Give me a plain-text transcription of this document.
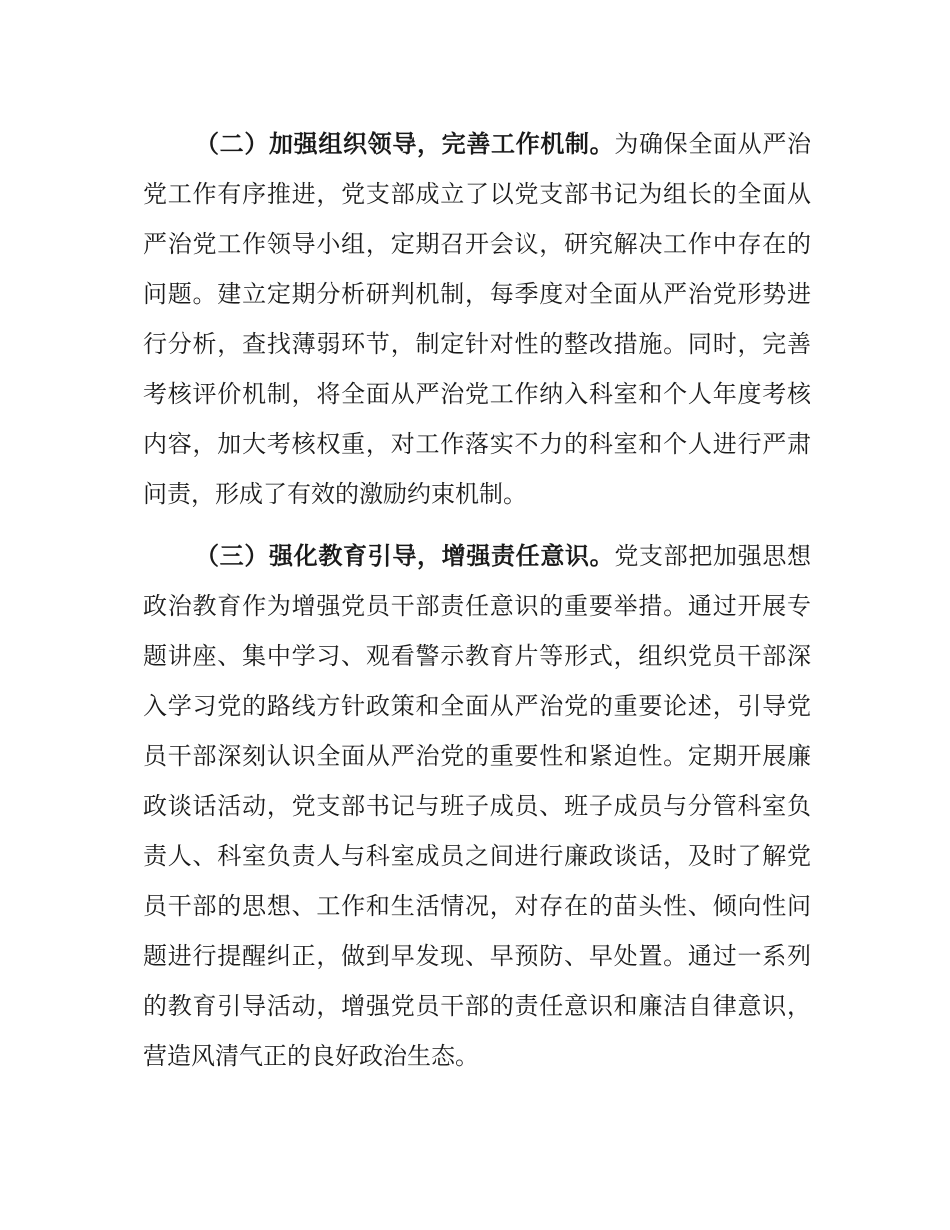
（二）加强组织领导，完善工作机制。为确保全面从严治
党工作有序推进，党支部成立了以党支部书记为组长的全面从
严治党工作领导小组，定期召开会议，研究解决工作中存在的
问题。建立定期分析研判机制，每季度对全面从严治党形势进
行分析，查找薄弱环节，制定针对性的整改措施。同时，完善
考核评价机制，将全面从严治党工作纳入科室和个人年度考核
内容，加大考核权重，对工作落实不力的科室和个人进行严肃
问责，形成了有效的激励约束机制。
（三）强化教育引导，增强责任意识。党支部把加强思想
政治教育作为增强党员干部责任意识的重要举措。通过开展专
题讲座、集中学习、观看警示教育片等形式，组织党员干部深
入学习党的路线方针政策和全面从严治党的重要论述，引导党
员干部深刻认识全面从严治党的重要性和紧迫性。定期开展廉
政谈话活动，党支部书记与班子成员、班子成员与分管科室负
责人、科室负责人与科室成员之间进行廉政谈话，及时了解党
员干部的思想、工作和生活情况，对存在的苗头性、倾向性问
题进行提醒纠正，做到早发现、早预防、早处置。通过一系列
的教育引导活动，增强党员干部的责任意识和廉洁自律意识，
营造风清气正的良好政治生态。
